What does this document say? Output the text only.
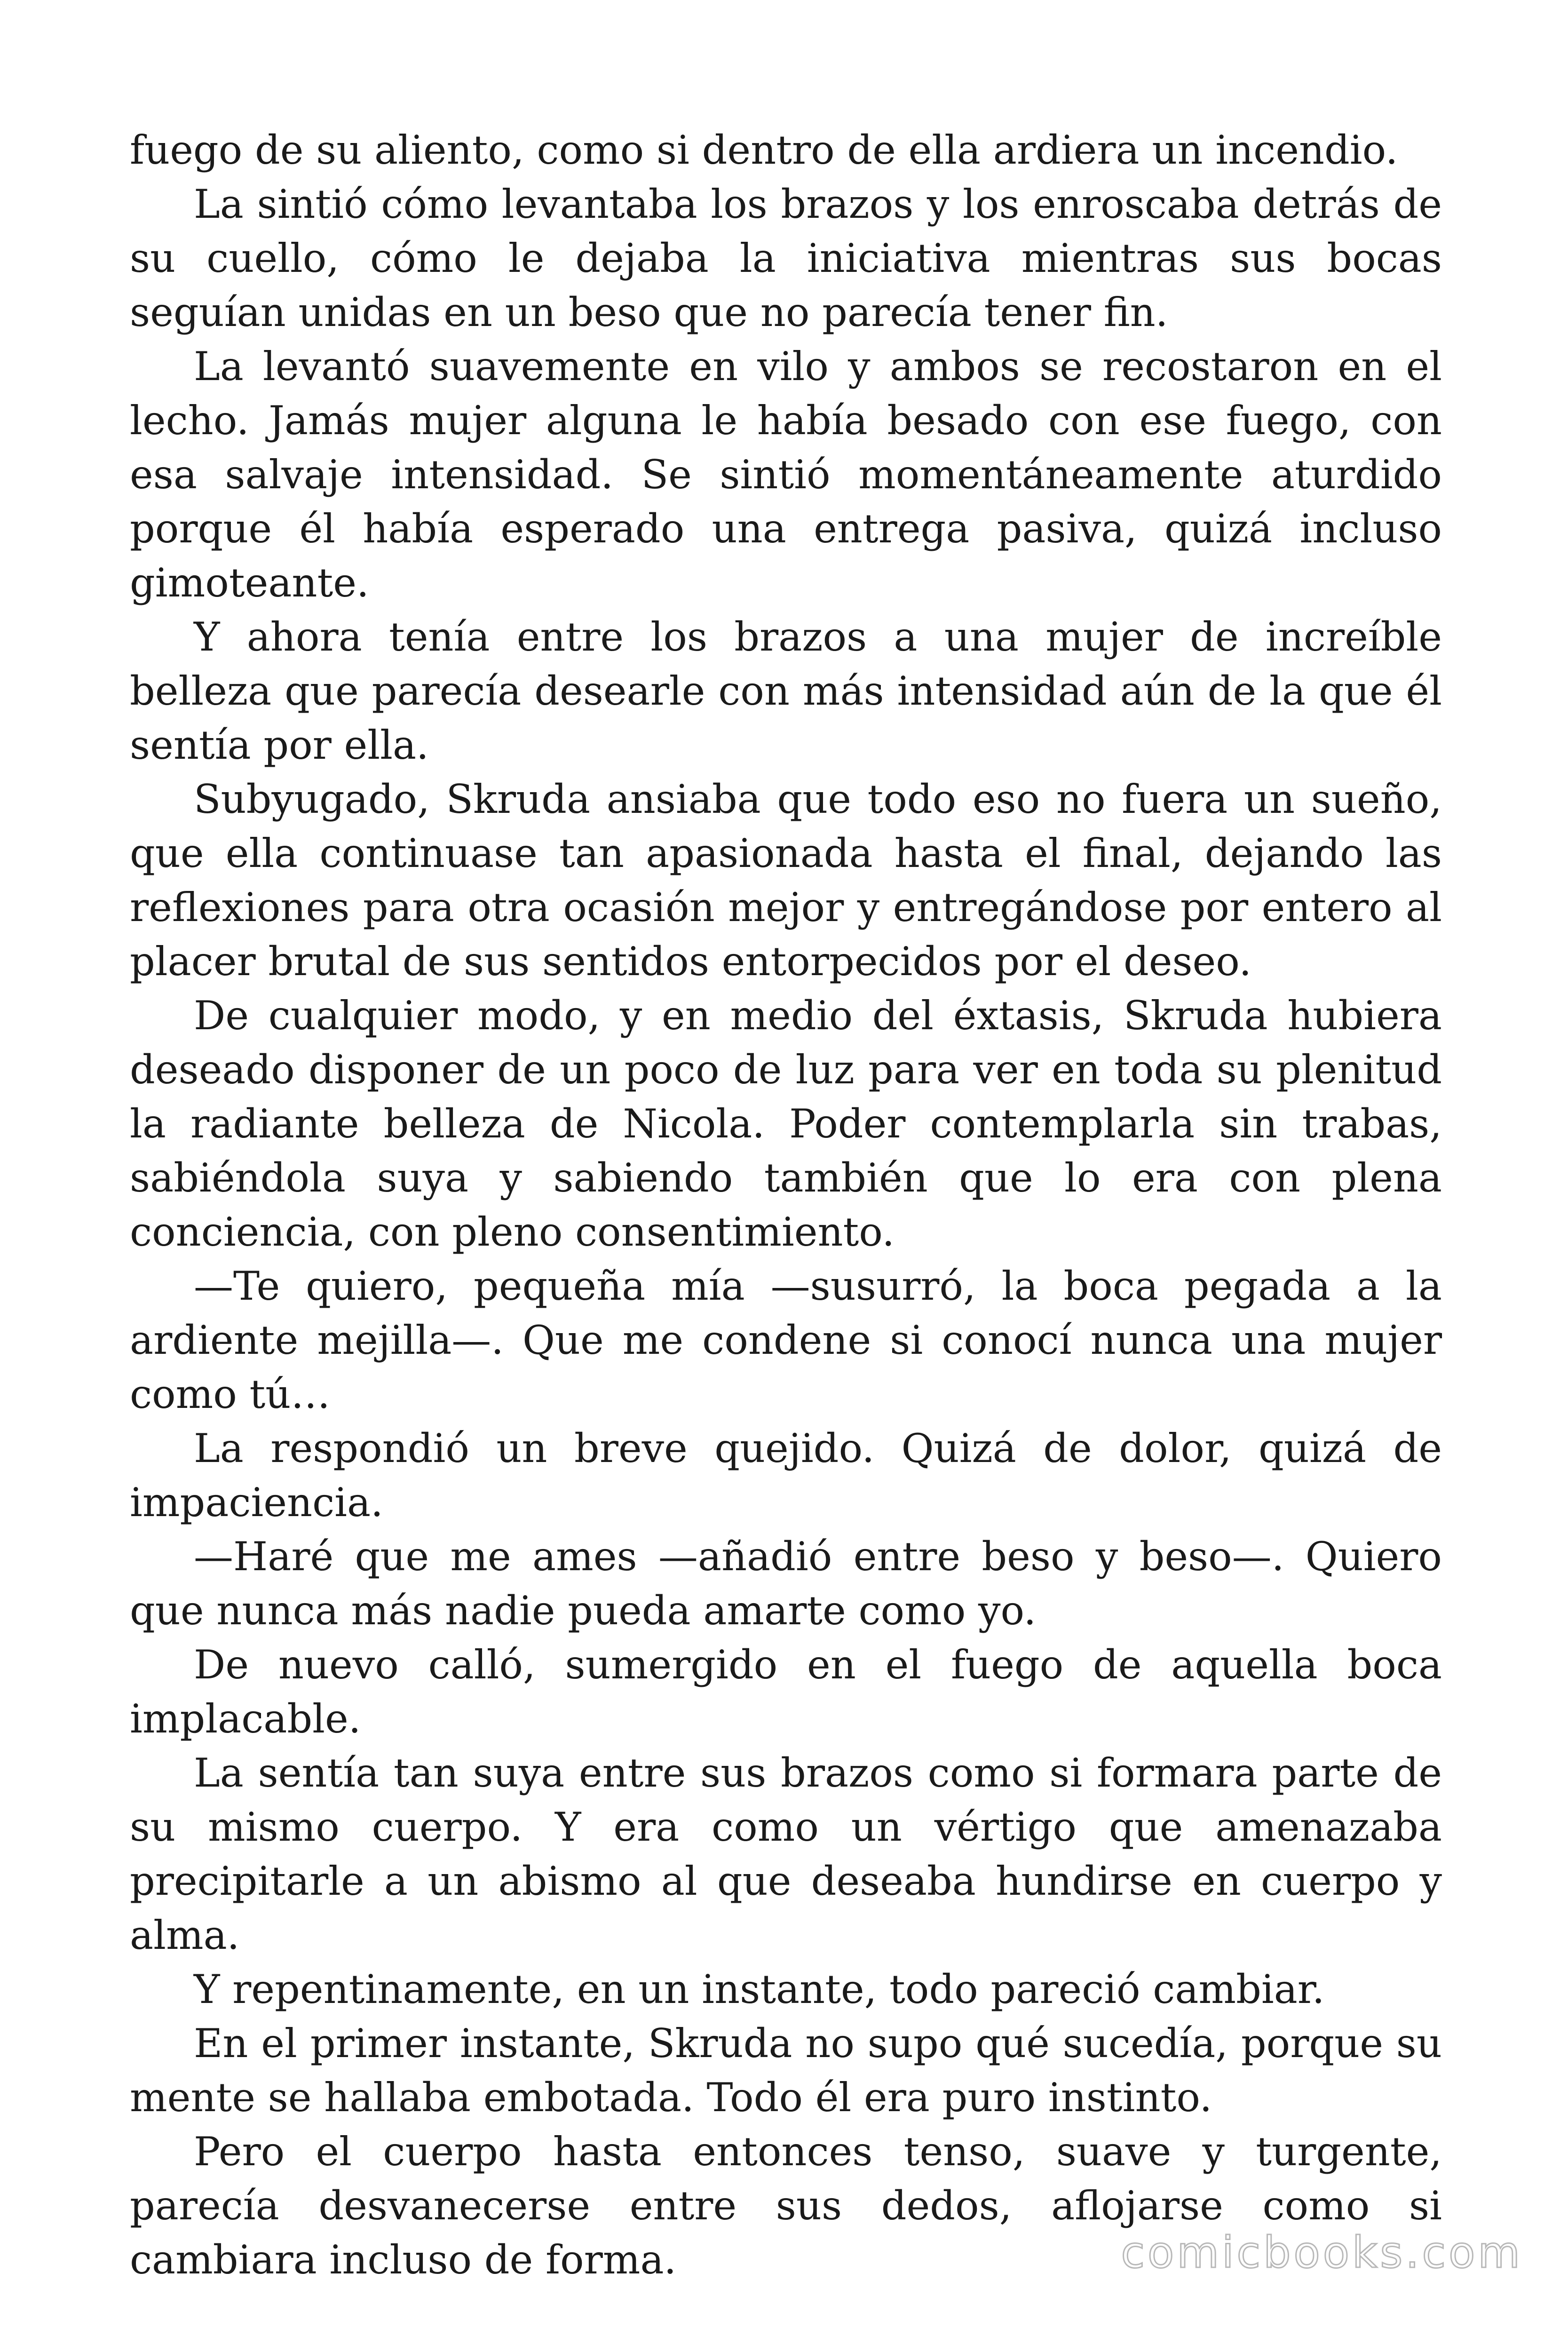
fuego de su aliento, como si dentro de ella ardiera un incendio.

La sintió cómo levantaba los brazos y los enroscaba detrás de su cuello, cómo le dejaba la iniciativa mientras sus bocas seguían unidas en un beso que no parecía tener fin.

La levantó suavemente en vilo y ambos se recostaron en el lecho. Jamás mujer alguna le había besado con ese fuego, con esa salvaje intensidad. Se sintió momentáneamente aturdido porque él había esperado una entrega pasiva, quizá incluso gimoteante.

Y ahora tenía entre los brazos a una mujer de increíble belleza que parecía desearle con más intensidad aún de la que él sentía por ella.

Subyugado, Skruda ansiaba que todo eso no fuera un sueño, que ella continuase tan apasionada hasta el final, dejando las reflexiones para otra ocasión mejor y entregándose por entero al placer brutal de sus sentidos entorpecidos por el deseo.

De cualquier modo, y en medio del éxtasis, Skruda hubiera deseado disponer de un poco de luz para ver en toda su plenitud la radiante belleza de Nicola. Poder contemplarla sin trabas, sabiéndola suya y sabiendo también que lo era con plena conciencia, con pleno consentimiento.

—Te quiero, pequeña mía —susurró, la boca pegada a la ardiente mejilla—. Que me condene si conocí nunca una mujer como tú…

La respondió un breve quejido. Quizá de dolor, quizá de impaciencia.

—Haré que me ames —añadió entre beso y beso—. Quiero que nunca más nadie pueda amarte como yo.

De nuevo calló, sumergido en el fuego de aquella boca implacable.

La sentía tan suya entre sus brazos como si formara parte de su mismo cuerpo. Y era como un vértigo que amenazaba precipitarle a un abismo al que deseaba hundirse en cuerpo y alma.

Y repentinamente, en un instante, todo pareció cambiar.

En el primer instante, Skruda no supo qué sucedía, porque su mente se hallaba embotada. Todo él era puro instinto.

Pero el cuerpo hasta entonces tenso, suave y turgente, parecía desvanecerse entre sus dedos, aflojarse como si cambiara incluso de forma.	comicbooks.com
